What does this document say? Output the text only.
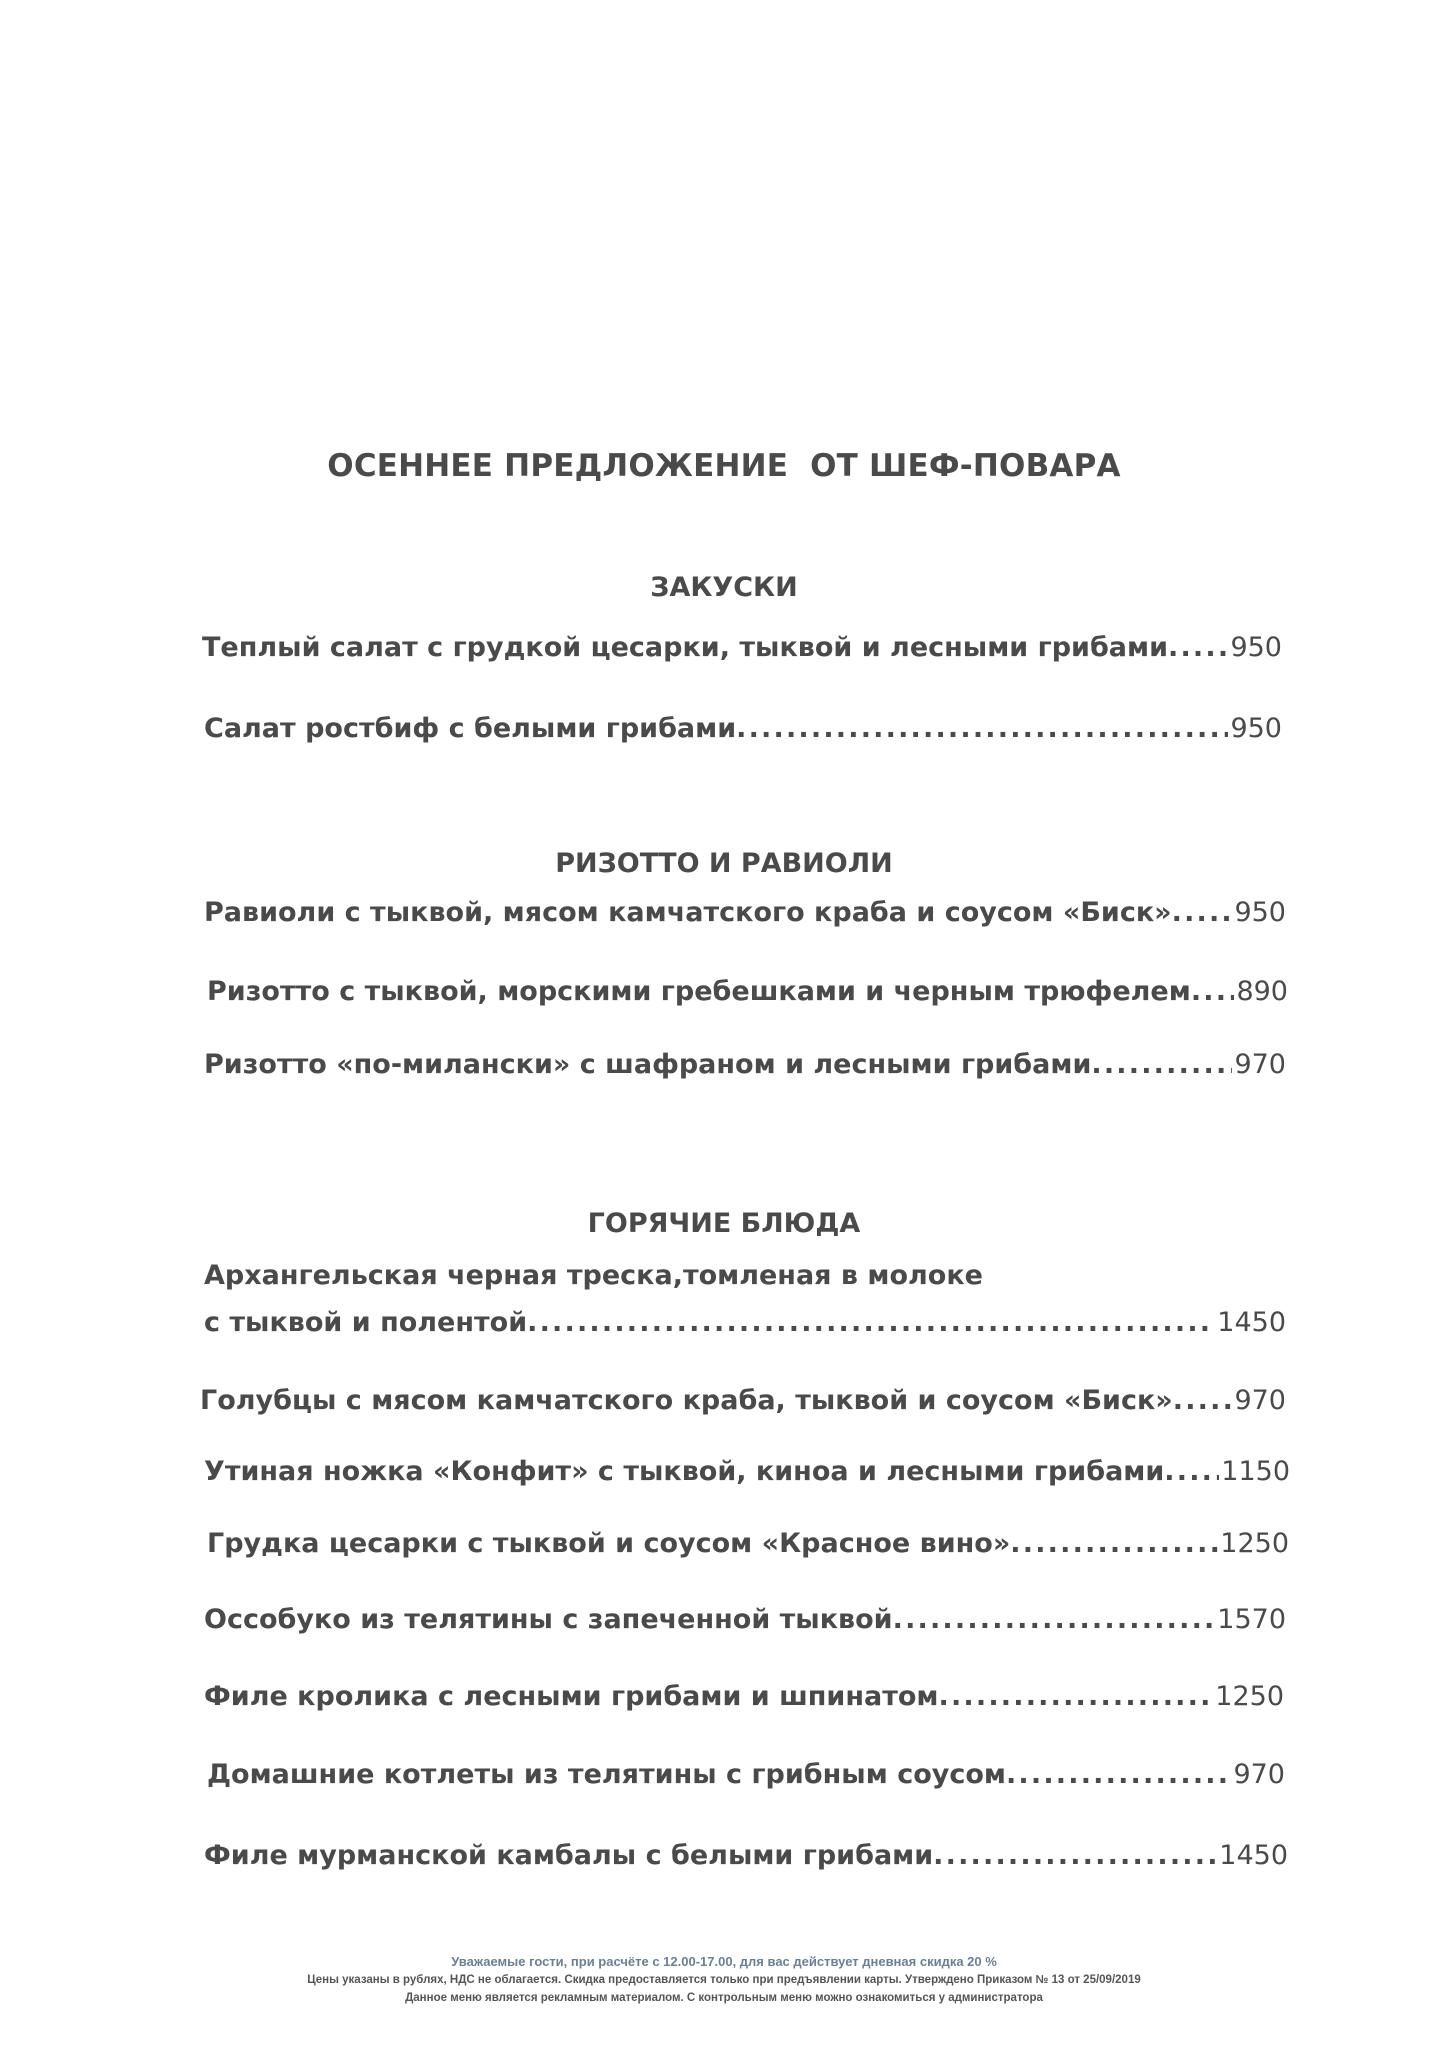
ОСЕННЕЕ ПРЕДЛОЖЕНИЕ  ОТ ШЕФ-ПОВАРА
ЗАКУСКИ
Теплый салат с грудкой цесарки, тыквой и лесными грибами . . . 950
Салат ростбиф с белыми грибами . . .	950
РИЗОТТО И РАВИОЛИ
Равиоли с тыквой, мясом камчатского краба и соусом «Биск» . . . 950
Ризотто с тыквой, морскими гребешками и черным трюфелем . . . 890
Ризотто «по-милански» с шафраном и лесными грибами . . .	970
ГОРЯЧИЕ БЛЮДА
Архангельская черная треска,томленая в молоке
с тыквой и полентой . . .	1450
Голубцы с мясом камчатского краба, тыквой и соусом «Биск» . . . 970
Утиная ножка «Конфит» с тыквой, киноа и лесными грибами . . . 1150
Грудка цесарки с тыквой и соусом «Красное вино» . . .	1250
Оссобуко из телятины с запеченной тыквой . . .	1570
Филе кролика с лесными грибами и шпинатом . . .	1250
Домашние котлеты из телятины с грибным соусом . . .	970
Филе мурманской камбалы с белыми грибами . . .	1450
Уважаемые гости, при расчёте с 12.00-17.00, для вас действует дневная скидка 20 %
Цены указаны в рублях, НДС не облагается. Скидка предоставляется только при предъявлении карты. Утверждено Приказом № 13 от 25/09/2019
Данное меню является рекламным материалом. С контрольным меню можно ознакомиться у администратора
